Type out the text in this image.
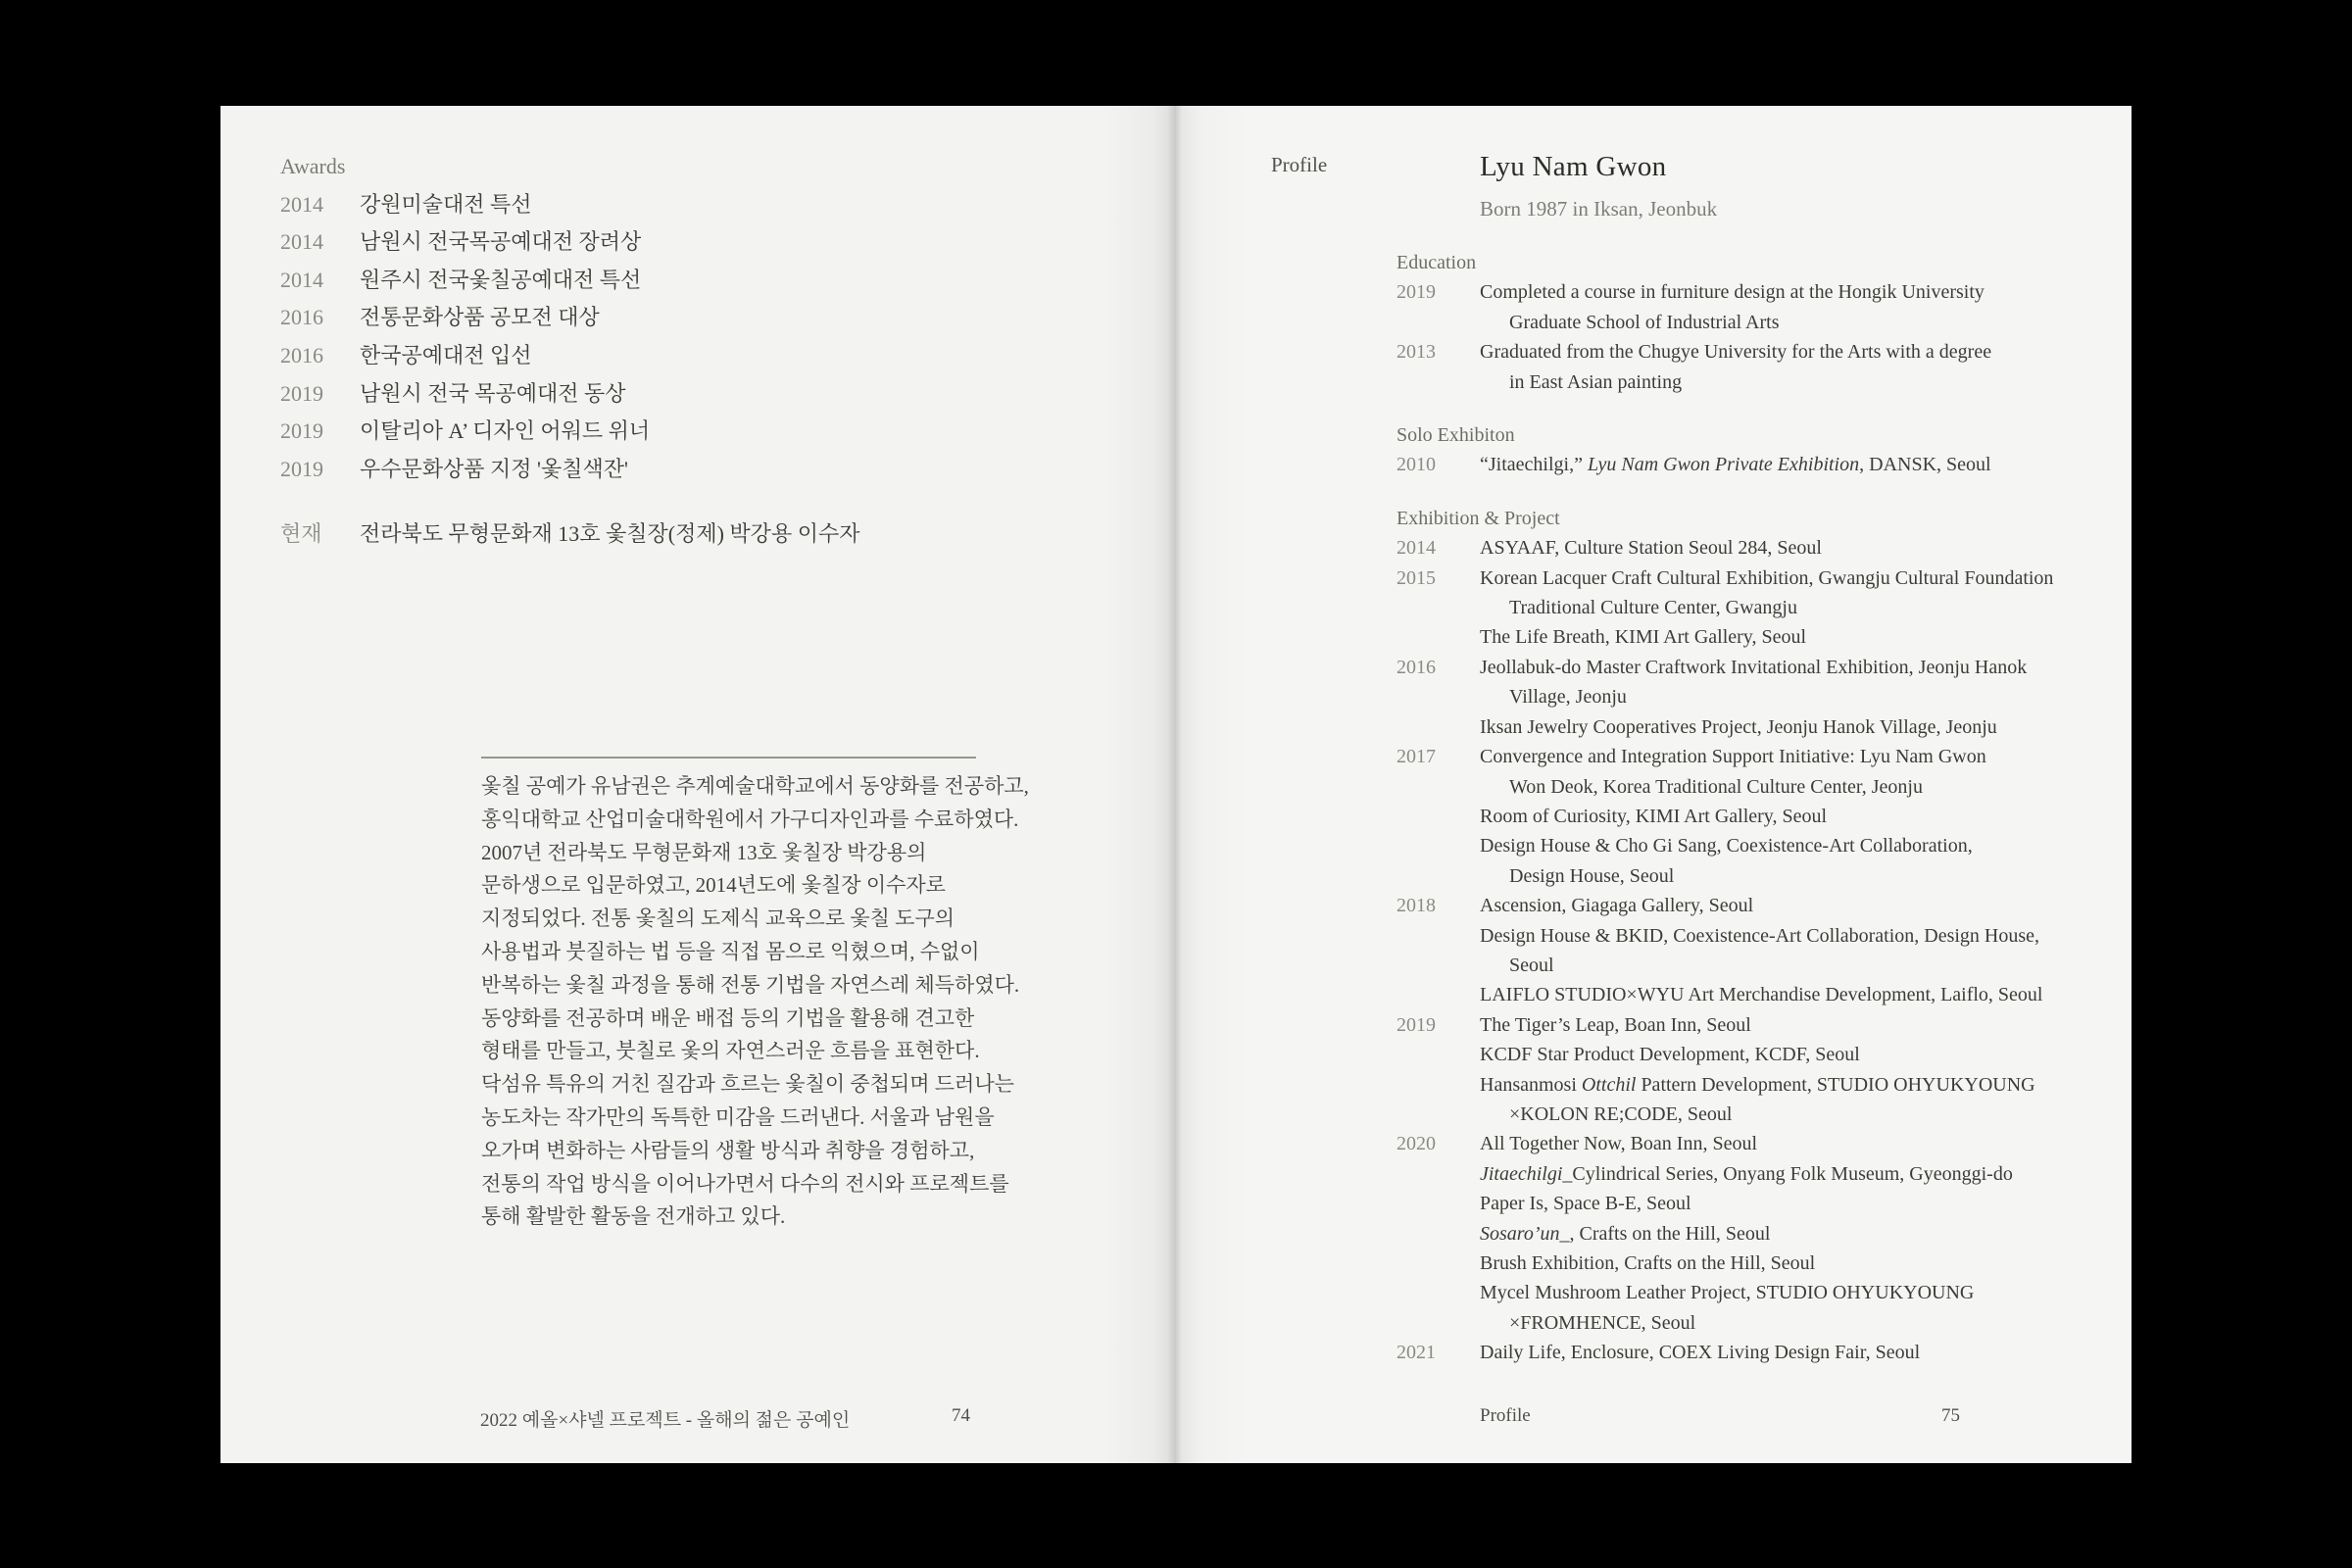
Awards
2014 강원미술대전 특선
2014 남원시 전국목공예대전 장려상
2014 원주시 전국옻칠공예대전 특선
2016 전통문화상품 공모전 대상
2016 한국공예대전 입선
2019 남원시 전국 목공예대전 동상
2019 이탈리아 A’ 디자인 어워드 위너
2019 우수문화상품 지정 '옻칠색잔'
현재 전라북도 무형문화재 13호 옻칠장(정제) 박강용 이수자
옻칠 공예가 유남권은 추계예술대학교에서 동양화를 전공하고,
홍익대학교 산업미술대학원에서 가구디자인과를 수료하였다.
2007년 전라북도 무형문화재 13호 옻칠장 박강용의
문하생으로 입문하였고, 2014년도에 옻칠장 이수자로
지정되었다. 전통 옻칠의 도제식 교육으로 옻칠 도구의
사용법과 붓질하는 법 등을 직접 몸으로 익혔으며, 수없이
반복하는 옻칠 과정을 통해 전통 기법을 자연스레 체득하였다.
동양화를 전공하며 배운 배접 등의 기법을 활용해 견고한
형태를 만들고, 붓칠로 옻의 자연스러운 흐름을 표현한다.
닥섬유 특유의 거친 질감과 흐르는 옻칠이 중첩되며 드러나는
농도차는 작가만의 독특한 미감을 드러낸다. 서울과 남원을
오가며 변화하는 사람들의 생활 방식과 취향을 경험하고,
전통의 작업 방식을 이어나가면서 다수의 전시와 프로젝트를
통해 활발한 활동을 전개하고 있다.
2022 예올×샤넬 프로젝트 - 올해의 젊은 공예인	74
Profile	Lyu Nam Gwon
Born 1987 in Iksan, Jeonbuk
Education
2019 Completed a course in furniture design at the Hongik University
Graduate School of Industrial Arts
2013 Graduated from the Chugye University for the Arts with a degree
in East Asian painting
Solo Exhibiton
2010 “Jitaechilgi,” Lyu Nam Gwon Private Exhibition, DANSK, Seoul
Exhibition & Project
2014 ASYAAF, Culture Station Seoul 284, Seoul
2015 Korean Lacquer Craft Cultural Exhibition, Gwangju Cultural Foundation
Traditional Culture Center, Gwangju
The Life Breath, KIMI Art Gallery, Seoul
2016 Jeollabuk-do Master Craftwork Invitational Exhibition, Jeonju Hanok
Village, Jeonju
Iksan Jewelry Cooperatives Project, Jeonju Hanok Village, Jeonju
2017 Convergence and Integration Support Initiative: Lyu Nam Gwon
Won Deok, Korea Traditional Culture Center, Jeonju
Room of Curiosity, KIMI Art Gallery, Seoul
Design House & Cho Gi Sang, Coexistence-Art Collaboration,
Design House, Seoul
2018 Ascension, Giagaga Gallery, Seoul
Design House & BKID, Coexistence-Art Collaboration, Design House,
Seoul
LAIFLO STUDIO×WYU Art Merchandise Development, Laiflo, Seoul
2019 The Tiger’s Leap, Boan Inn, Seoul
KCDF Star Product Development, KCDF, Seoul
Hansanmosi Ottchil Pattern Development, STUDIO OHYUKYOUNG
×KOLON RE;CODE, Seoul
2020 All Together Now, Boan Inn, Seoul
Jitaechilgi_Cylindrical Series, Onyang Folk Museum, Gyeonggi-do
Paper Is, Space B-E, Seoul
Sosaro’un_, Crafts on the Hill, Seoul
Brush Exhibition, Crafts on the Hill, Seoul
Mycel Mushroom Leather Project, STUDIO OHYUKYOUNG
×FROMHENCE, Seoul
2021 Daily Life, Enclosure, COEX Living Design Fair, Seoul
Profile	75
